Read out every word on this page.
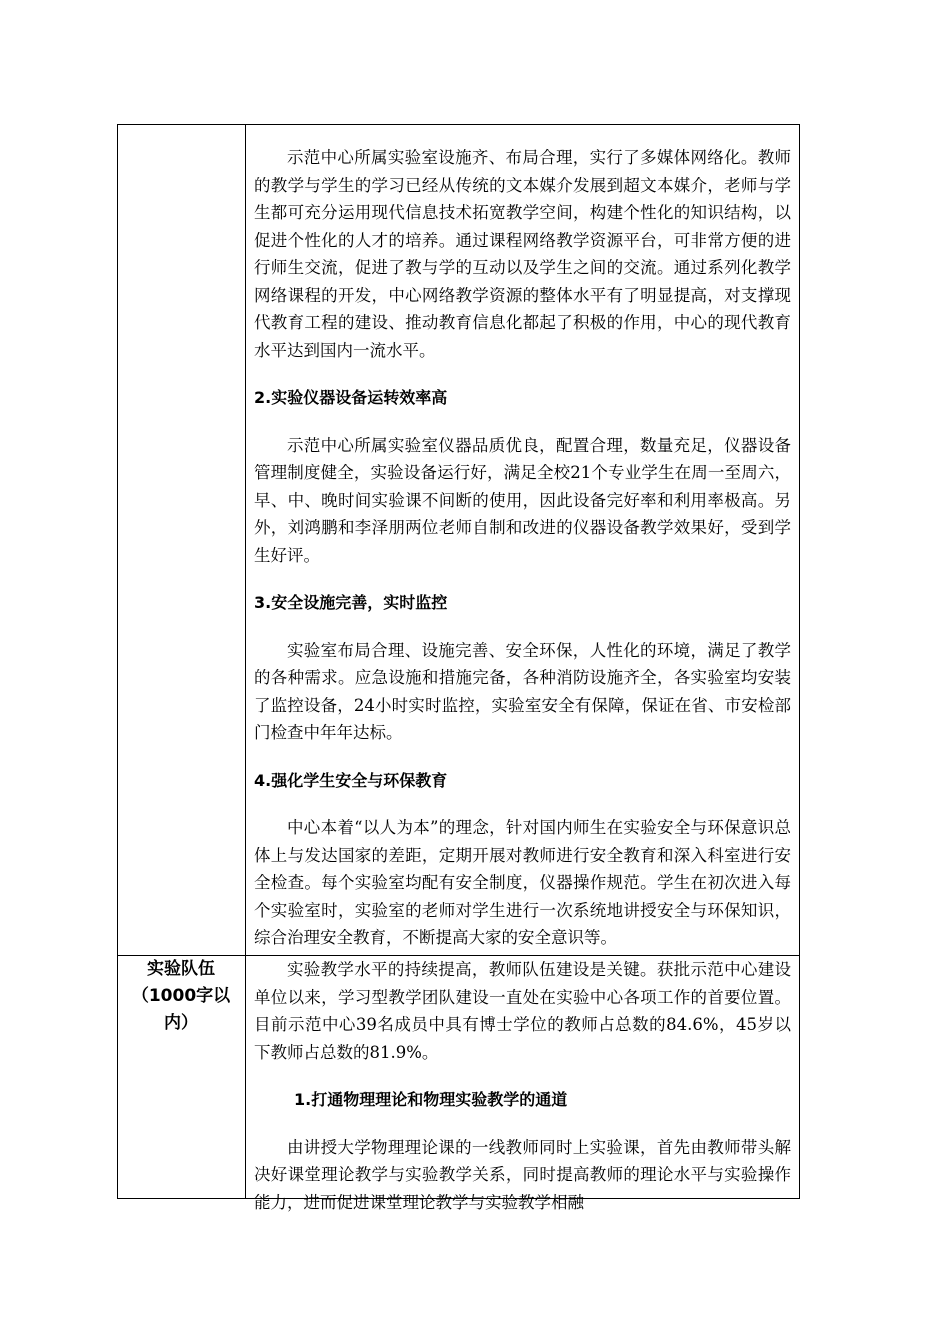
示范中心所属实验室设施齐、布局合理，实行了多媒体网络化。教师的教学与学生的学习已经从传统的文本媒介发展到超文本媒介，老师与学生都可充分运用现代信息技术拓宽教学空间，构建个性化的知识结构，以促进个性化的人才的培养。通过课程网络教学资源平台，可非常方便的进行师生交流，促进了教与学的互动以及学生之间的交流。通过系列化教学网络课程的开发，中心网络教学资源的整体水平有了明显提高，对支撑现代教育工程的建设、推动教育信息化都起了积极的作用，中心的现代教育水平达到国内一流水平。

2.实验仪器设备运转效率高

示范中心所属实验室仪器品质优良，配置合理，数量充足，仪器设备管理制度健全，实验设备运行好，满足全校21个专业学生在周一至周六，早、中、晚时间实验课不间断的使用，因此设备完好率和利用率极高。另外，刘鸿鹏和李泽朋两位老师自制和改进的仪器设备教学效果好，受到学生好评。

3.安全设施完善，实时监控

实验室布局合理、设施完善、安全环保，人性化的环境，满足了教学的各种需求。应急设施和措施完备，各种消防设施齐全，各实验室均安装了监控设备，24小时实时监控，实验室安全有保障，保证在省、市安检部门检查中年年达标。

4.强化学生安全与环保教育

中心本着“以人为本”的理念，针对国内师生在实验安全与环保意识总体上与发达国家的差距，定期开展对教师进行安全教育和深入科室进行安全检查。每个实验室均配有安全制度，仪器操作规范。学生在初次进入每个实验室时，实验室的老师对学生进行一次系统地讲授安全与环保知识，综合治理安全教育，不断提高大家的安全意识等。

实验队伍
（1000字以
内）

实验教学水平的持续提高，教师队伍建设是关键。获批示范中心建设单位以来，学习型教学团队建设一直处在实验中心各项工作的首要位置。目前示范中心39名成员中具有博士学位的教师占总数的84.6%，45岁以下教师占总数的81.9%。

1.打通物理理论和物理实验教学的通道

由讲授大学物理理论课的一线教师同时上实验课，首先由教师带头解决好课堂理论教学与实验教学关系，同时提高教师的理论水平与实验操作能力，进而促进课堂理论教学与实验教学相融
